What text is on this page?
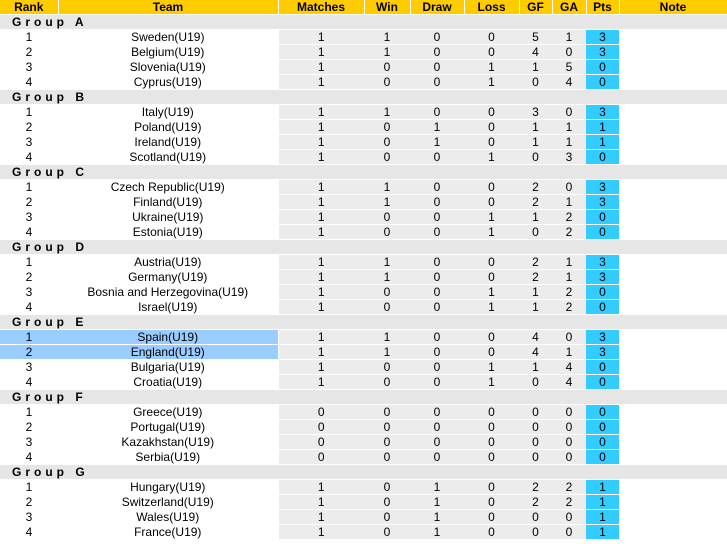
Rank	Team	Matches	Win	Draw	Loss	GF	GA	Pts	Note
Group A									
1	Sweden(U19)	1	1	0	0	5	1	3	
2	Belgium(U19)	1	1	0	0	4	0	3	
3	Slovenia(U19)	1	0	0	1	1	5	0	
4	Cyprus(U19)	1	0	0	1	0	4	0	
Group B									
1	Italy(U19)	1	1	0	0	3	0	3	
2	Poland(U19)	1	0	1	0	1	1	1	
3	Ireland(U19)	1	0	1	0	1	1	1	
4	Scotland(U19)	1	0	0	1	0	3	0	
Group C									
1	Czech Republic(U19)	1	1	0	0	2	0	3	
2	Finland(U19)	1	1	0	0	2	1	3	
3	Ukraine(U19)	1	0	0	1	1	2	0	
4	Estonia(U19)	1	0	0	1	0	2	0	
Group D									
1	Austria(U19)	1	1	0	0	2	1	3	
2	Germany(U19)	1	1	0	0	2	1	3	
3	Bosnia and Herzegovina(U19)	1	0	0	1	1	2	0	
4	Israel(U19)	1	0	0	1	1	2	0	
Group E									
1	Spain(U19)	1	1	0	0	4	0	3	
2	England(U19)	1	1	0	0	4	1	3	
3	Bulgaria(U19)	1	0	0	1	1	4	0	
4	Croatia(U19)	1	0	0	1	0	4	0	
Group F									
1	Greece(U19)	0	0	0	0	0	0	0	
2	Portugal(U19)	0	0	0	0	0	0	0	
3	Kazakhstan(U19)	0	0	0	0	0	0	0	
4	Serbia(U19)	0	0	0	0	0	0	0	
Group G									
1	Hungary(U19)	1	0	1	0	2	2	1	
2	Switzerland(U19)	1	0	1	0	2	2	1	
3	Wales(U19)	1	0	1	0	0	0	1	
4	France(U19)	1	0	1	0	0	0	1	
